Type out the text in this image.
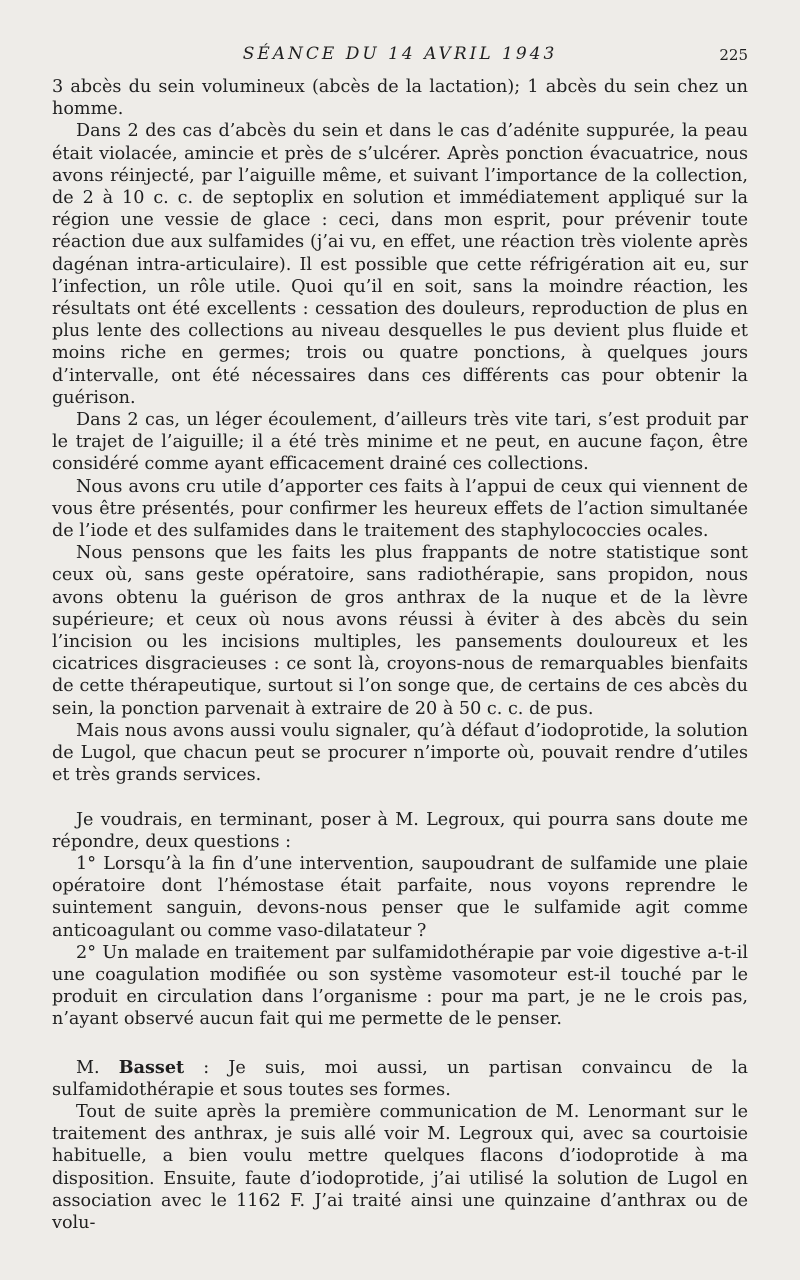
SÉANCE DU 14 AVRIL 1943	225

3 abcès du sein volumineux (abcès de la lactation); 1 abcès du sein chez un homme.

Dans 2 des cas d’abcès du sein et dans le cas d’adénite suppurée, la peau était violacée, amincie et près de s’ulcérer. Après ponction évacuatrice, nous avons réinjecté, par l’aiguille même, et suivant l’importance de la collection, de 2 à 10 c. c. de septoplix en solution et immédiatement appliqué sur la région une vessie de glace : ceci, dans mon esprit, pour prévenir toute réaction due aux sulfamides (j’ai vu, en effet, une réaction très violente après dagénan intra-articulaire). Il est possible que cette réfrigération ait eu, sur l’infection, un rôle utile. Quoi qu’il en soit, sans la moindre réaction, les résultats ont été excellents : cessation des douleurs, reproduction de plus en plus lente des collections au niveau desquelles le pus devient plus fluide et moins riche en germes; trois ou quatre ponctions, à quelques jours d’intervalle, ont été nécessaires dans ces différents cas pour obtenir la guérison.

Dans 2 cas, un léger écoulement, d’ailleurs très vite tari, s’est produit par le trajet de l’aiguille; il a été très minime et ne peut, en aucune façon, être considéré comme ayant efficacement drainé ces collections.

Nous avons cru utile d’apporter ces faits à l’appui de ceux qui viennent de vous être présentés, pour confirmer les heureux effets de l’action simultanée de l’iode et des sulfamides dans le traitement des staphylococcies ocales.

Nous pensons que les faits les plus frappants de notre statistique sont ceux où, sans geste opératoire, sans radiothérapie, sans propidon, nous avons obtenu la guérison de gros anthrax de la nuque et de la lèvre supérieure; et ceux où nous avons réussi à éviter à des abcès du sein l’incision ou les incisions multiples, les pansements douloureux et les cicatrices disgracieuses : ce sont là, croyons-nous de remarquables bienfaits de cette thérapeutique, surtout si l’on songe que, de certains de ces abcès du sein, la ponction parvenait à extraire de 20 à 50 c. c. de pus.

Mais nous avons aussi voulu signaler, qu’à défaut d’iodoprotide, la solution de Lugol, que chacun peut se procurer n’importe où, pouvait rendre d’utiles et très grands services.

Je voudrais, en terminant, poser à M. Legroux, qui pourra sans doute me répondre, deux questions :

1° Lorsqu’à la fin d’une intervention, saupoudrant de sulfamide une plaie opératoire dont l’hémostase était parfaite, nous voyons reprendre le suintement sanguin, devons-nous penser que le sulfamide agit comme anticoagulant ou comme vaso-dilatateur ?

2° Un malade en traitement par sulfamidothérapie par voie digestive a-t-il une coagulation modifiée ou son système vasomoteur est-il touché par le produit en circulation dans l’organisme : pour ma part, je ne le crois pas, n’ayant observé aucun fait qui me permette de le penser.

M. Basset : Je suis, moi aussi, un partisan convaincu de la sulfamidothérapie et sous toutes ses formes.

Tout de suite après la première communication de M. Lenormant sur le traitement des anthrax, je suis allé voir M. Legroux qui, avec sa courtoisie habituelle, a bien voulu mettre quelques flacons d’iodoprotide à ma disposition. Ensuite, faute d’iodoprotide, j’ai utilisé la solution de Lugol en association avec le 1162 F. J’ai traité ainsi une quinzaine d’anthrax ou de volu-
